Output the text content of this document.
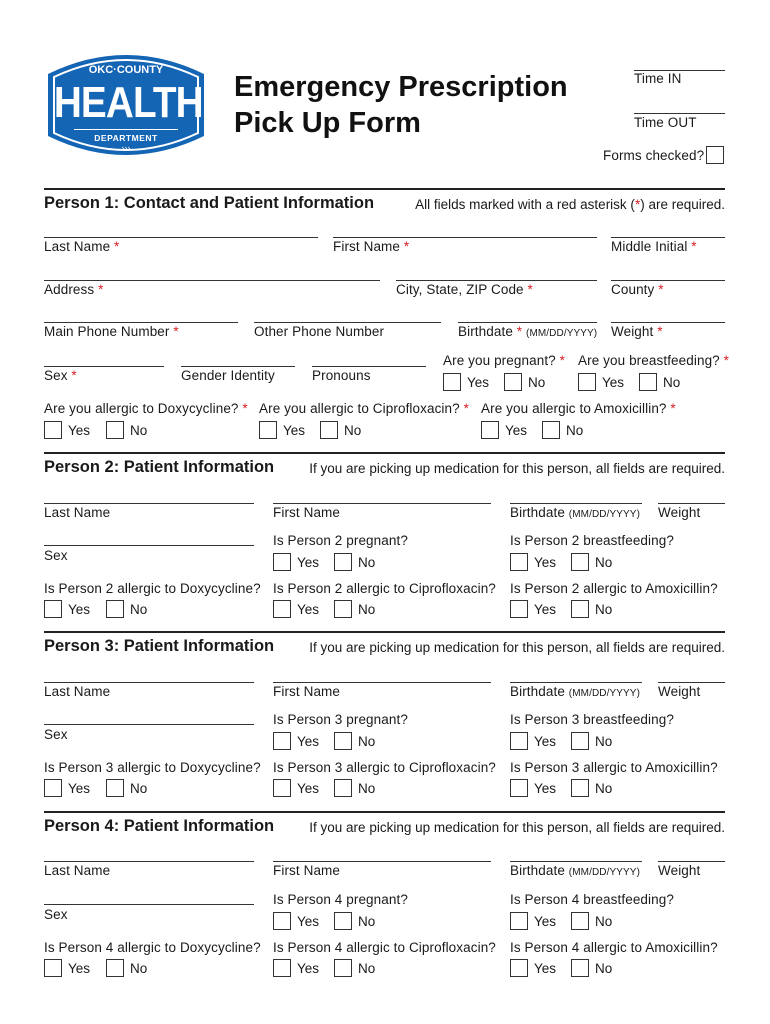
OKC·COUNTY
HEALTH
DEPARTMENT
›››
Emergency Prescription
Pick Up Form
Time IN
Time OUT
Forms checked?
Person 1: Contact and Patient Information	All fields marked with a red asterisk (*) are required.
Last Name *	First Name *	Middle Initial *
Address *	City, State, ZIP Code *	County *
Main Phone Number *	Other Phone Number	Birthdate * (MM/DD/YYYY) Weight *
Sex *	Gender Identity	Pronouns
Are you pregnant? *
Yes	No
Are you breastfeeding? *
Yes	No
Are you allergic to Doxycycline? *
Yes	No
Are you allergic to Ciprofloxacin? *
Yes	No
Are you allergic to Amoxicillin? *
Yes	No
Person 2: Patient Information	If you are picking up medication for this person, all fields are required.
Last Name	First Name	Birthdate (MM/DD/YYYY) Weight
Sex
Is Person 2 pregnant?
Yes	No
Is Person 2 breastfeeding?
Yes	No
Is Person 2 allergic to Doxycycline?
Yes	No
Is Person 2 allergic to Ciprofloxacin?
Yes	No
Is Person 2 allergic to Amoxicillin?
Yes	No
Person 3: Patient Information	If you are picking up medication for this person, all fields are required.
Last Name	First Name	Birthdate (MM/DD/YYYY) Weight
Sex
Is Person 3 pregnant?
Yes	No
Is Person 3 breastfeeding?
Yes	No
Is Person 3 allergic to Doxycycline?
Yes	No
Is Person 3 allergic to Ciprofloxacin?
Yes	No
Is Person 3 allergic to Amoxicillin?
Yes	No
Person 4: Patient Information	If you are picking up medication for this person, all fields are required.
Last Name	First Name	Birthdate (MM/DD/YYYY) Weight
Sex
Is Person 4 pregnant?
Yes	No
Is Person 4 breastfeeding?
Yes	No
Is Person 4 allergic to Doxycycline?
Yes	No
Is Person 4 allergic to Ciprofloxacin?
Yes	No
Is Person 4 allergic to Amoxicillin?
Yes	No
